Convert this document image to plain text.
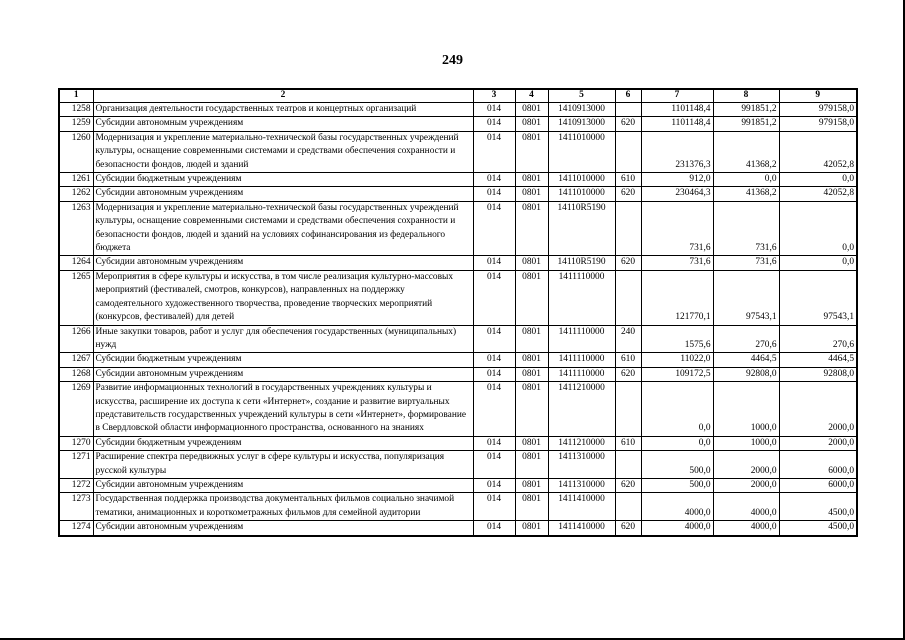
249
1	2	3	4	5	6	7	8	9
1258	Организация деятельности государственных театров и концертных организаций	014	0801	1410913000		1101148,4	991851,2	979158,0
1259	Субсидии автономным учреждениям	014	0801	1410913000	620	1101148,4	991851,2	979158,0
1260	Модернизация и укрепление материально-технической базы государственных учреждений культуры, оснащение современными системами и средствами обеспечения сохранности и безопасности фондов, людей и зданий	014	0801	1411010000		231376,3	41368,2	42052,8
1261	Субсидии бюджетным учреждениям	014	0801	1411010000	610	912,0	0,0	0,0
1262	Субсидии автономным учреждениям	014	0801	1411010000	620	230464,3	41368,2	42052,8
1263	Модернизация и укрепление материально-технической базы государственных учреждений культуры, оснащение современными системами и средствами обеспечения сохранности и безопасности фондов, людей и зданий на условиях софинансирования из федерального бюджета	014	0801	14110R5190		731,6	731,6	0,0
1264	Субсидии автономным учреждениям	014	0801	14110R5190	620	731,6	731,6	0,0
1265	Мероприятия в сфере культуры и искусства, в том числе реализация культурно-массовых мероприятий (фестивалей, смотров, конкурсов), направленных на поддержку самодеятельного художественного творчества, проведение творческих мероприятий (конкурсов, фестивалей) для детей	014	0801	1411110000		121770,1	97543,1	97543,1
1266	Иные закупки товаров, работ и услуг для обеспечения государственных (муниципальных) нужд	014	0801	1411110000	240	1575,6	270,6	270,6
1267	Субсидии бюджетным учреждениям	014	0801	1411110000	610	11022,0	4464,5	4464,5
1268	Субсидии автономным учреждениям	014	0801	1411110000	620	109172,5	92808,0	92808,0
1269	Развитие информационных технологий в государственных учреждениях культуры и искусства, расширение их доступа к сети «Интернет», создание и развитие виртуальных представительств государственных учреждений культуры в сети «Интернет», формирование в Свердловской области информационного пространства, основанного на знаниях	014	0801	1411210000		0,0	1000,0	2000,0
1270	Субсидии бюджетным учреждениям	014	0801	1411210000	610	0,0	1000,0	2000,0
1271	Расширение спектра передвижных услуг в сфере культуры и искусства, популяризация русской культуры	014	0801	1411310000		500,0	2000,0	6000,0
1272	Субсидии автономным учреждениям	014	0801	1411310000	620	500,0	2000,0	6000,0
1273	Государственная поддержка производства документальных фильмов социально значимой тематики, анимационных и короткометражных фильмов для семейной аудитории	014	0801	1411410000		4000,0	4000,0	4500,0
1274	Субсидии автономным учреждениям	014	0801	1411410000	620	4000,0	4000,0	4500,0
